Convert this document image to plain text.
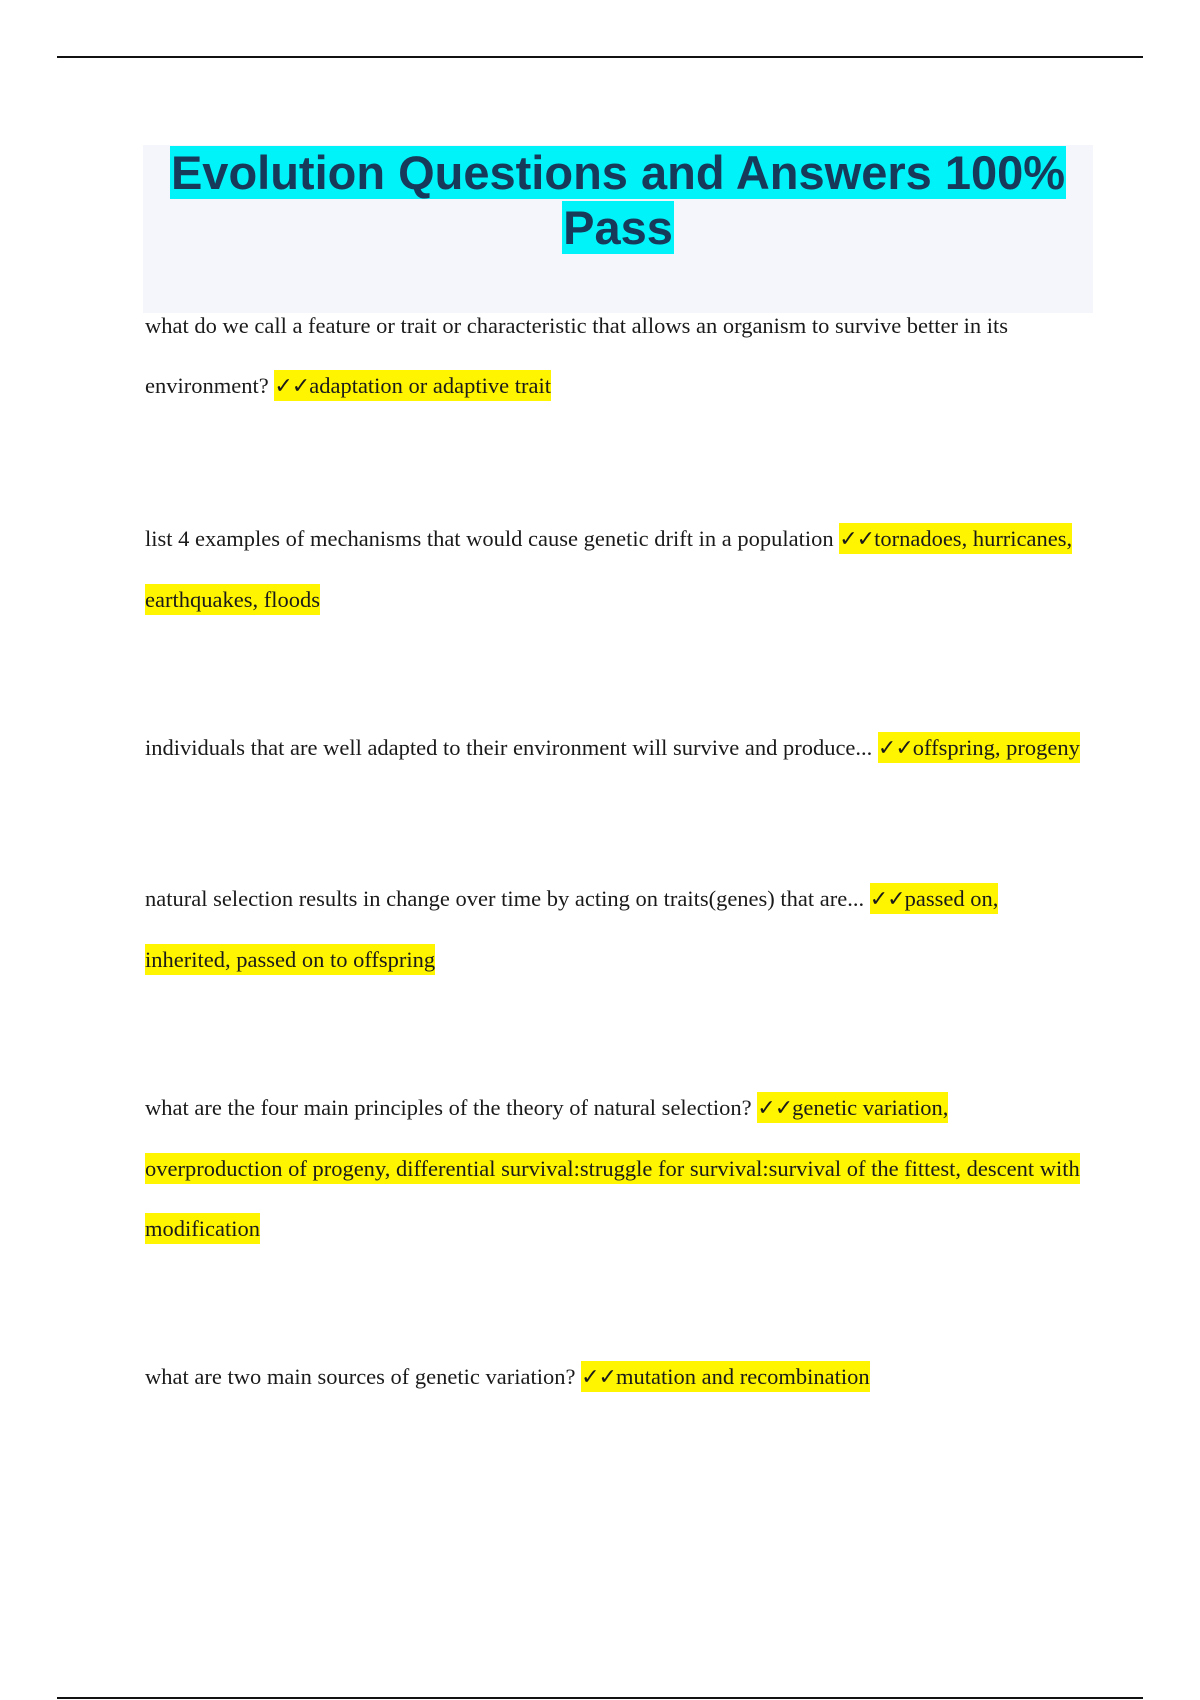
Evolution Questions and Answers 100% Pass

what do we call a feature or trait or characteristic that allows an organism to survive better in its environment? ✓✓adaptation or adaptive trait

list 4 examples of mechanisms that would cause genetic drift in a population ✓✓tornadoes, hurricanes, earthquakes, floods

individuals that are well adapted to their environment will survive and produce... ✓✓offspring, progeny

natural selection results in change over time by acting on traits(genes) that are... ✓✓passed on, inherited, passed on to offspring

what are the four main principles of the theory of natural selection? ✓✓genetic variation, overproduction of progeny, differential survival:struggle for survival:survival of the fittest, descent with modification

what are two main sources of genetic variation? ✓✓mutation and recombination
